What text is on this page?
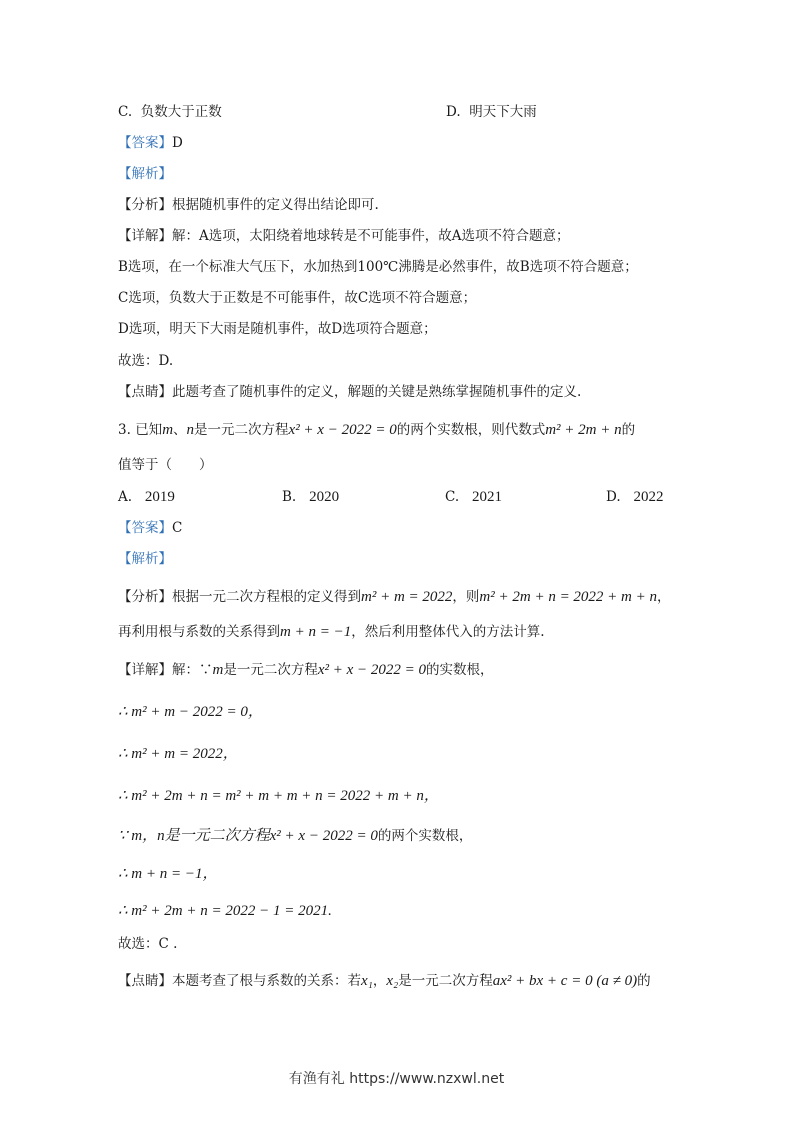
C. 负数大于正数	D. 明天下大雨
【答案】D
【解析】
【分析】根据随机事件的定义得出结论即可.
【详解】解：A选项，太阳绕着地球转是不可能事件，故A选项不符合题意；
B选项，在一个标准大气压下，水加热到100℃沸腾是必然事件，故B选项不符合题意；
C选项，负数大于正数是不可能事件，故C选项不符合题意；
D选项，明天下大雨是随机事件，故D选项符合题意；
故选：D.
【点睛】此题考查了随机事件的定义，解题的关键是熟练掌握随机事件的定义.
3. 已知m、n是一元二次方程x² + x − 2022 = 0的两个实数根，则代数式m² + 2m + n的
值等于（　　）
A. 2019	B. 2020	C. 2021	D. 2022
【答案】C
【解析】
【分析】根据一元二次方程根的定义得到m² + m = 2022，则m² + 2m + n = 2022 + m + n，
再利用根与系数的关系得到m + n = −1，然后利用整体代入的方法计算.
【详解】解：∵m是一元二次方程x² + x − 2022 = 0的实数根，
∴ m² + m − 2022 = 0，
∴ m² + m = 2022，
∴ m² + 2m + n = m² + m + m + n = 2022 + m + n，
∵ m，n是一元二次方程x² + x − 2022 = 0的两个实数根，
∴ m + n = −1，
∴ m² + 2m + n = 2022 − 1 = 2021.
故选：C .
【点睛】本题考查了根与系数的关系：若x₁，x₂是一元二次方程ax² + bx + c = 0 (a ≠ 0)的
有渔有礼 https://www.nzxwl.net
